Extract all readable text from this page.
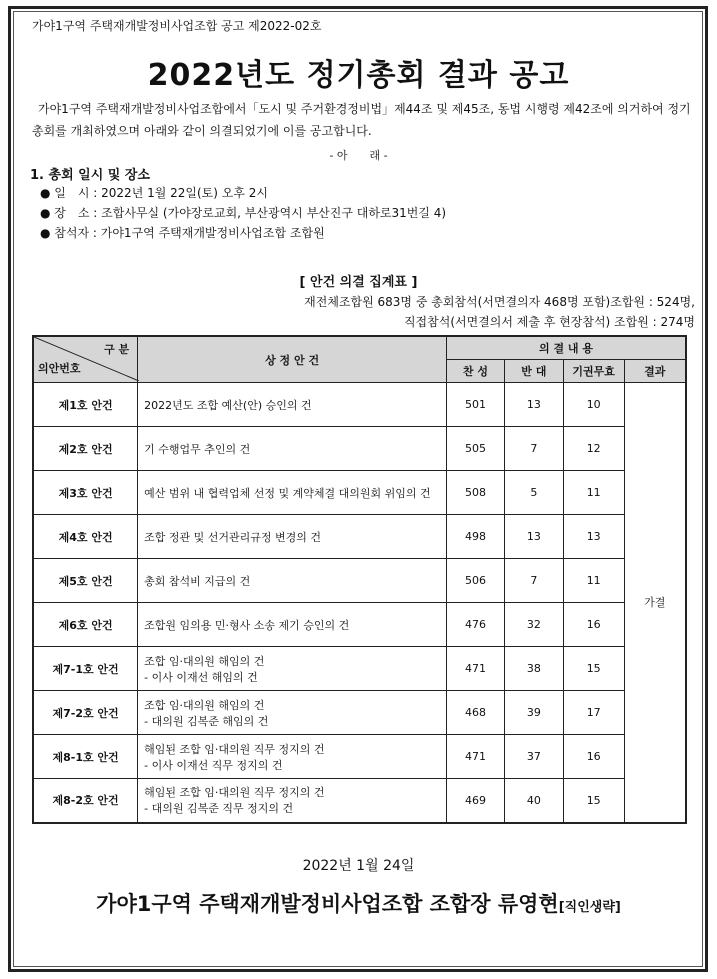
가야1구역 주택재개발정비사업조합 공고 제2022-02호
2022년도 정기총회 결과 공고
가야1구역 주택재개발정비사업조합에서「도시 및 주거환경정비법」제44조 및 제45조, 동법 시행령 제42조에 의거하여 정기총회를 개최하였으며 아래와 같이 의결되었기에 이를 공고합니다.
- 아　　래 -
1. 총회 일시 및 장소
● 일　시 : 2022년 1월 22일(토) 오후 2시
● 장　소 : 조합사무실 (가야장로교회, 부산광역시 부산진구 대하로31번길 4)
● 참석자 : 가야1구역 주택재개발정비사업조합 조합원
[ 안건 의결 집계표 ]
재전체조합원 683명 중 총회참석(서면결의자 468명 포함)조합원 : 524명,
직접참석(서면결의서 제출 후 현장참석) 조합원 : 274명
구 분
의안번호	상 정 안 건	의 결 내 용			
		찬 성	반 대	기권무효	결과
제1호 안건	2022년도 조합 예산(안) 승인의 건	501	13	10	가결
제2호 안건	기 수행업무 추인의 건	505	7	12	
제3호 안건	예산 범위 내 협력업체 선정 및 계약체결 대의원회 위임의 건	508	5	11	
제4호 안건	조합 정관 및 선거관리규정 변경의 건	498	13	13	
제5호 안건	총회 참석비 지급의 건	506	7	11	
제6호 안건	조합원 임의용 민·형사 소송 제기 승인의 건	476	32	16	
제7-1호 안건	조합 임·대의원 해임의 건
- 이사 이재선 해임의 건	471	38	15	
제7-2호 안건	조합 임·대의원 해임의 건
- 대의원 김복준 해임의 건	468	39	17	
제8-1호 안건	해임된 조합 임·대의원 직무 정지의 건
- 이사 이재선 직무 정지의 건	471	37	16	
제8-2호 안건	해임된 조합 임·대의원 직무 정지의 건
- 대의원 김복준 직무 정지의 건	469	40	15	
2022년 1월 24일
가야1구역 주택재개발정비사업조합 조합장 류영현[직인생략]
